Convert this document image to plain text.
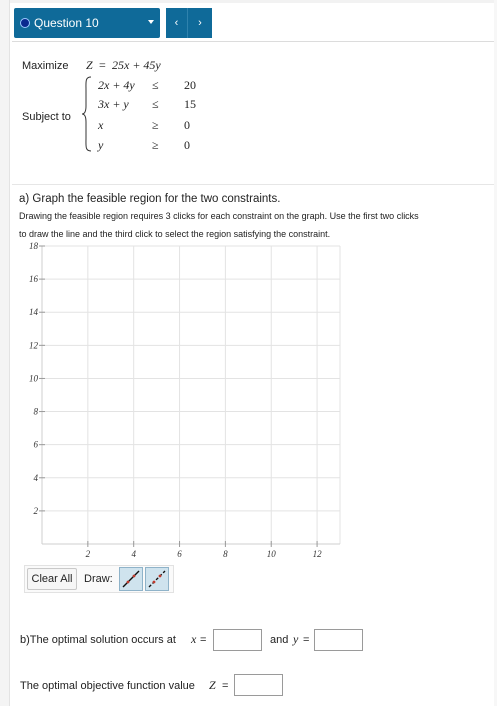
Question 10	‹ ›
Maximize Z = 25x + 45y
Subject to
2x + 4y ≤ 20
3x + y ≤ 15
x	≥ 0
y	≥ 0
a) Graph the feasible region for the two constraints.
Drawing the feasible region requires 3 clicks for each constraint on the graph. Use the first two clicks
to draw the line and the third click to select the region satisfying the constraint.
2	4	6	8	10	12
2
4
6
8
10
12
14
16
18
Clear All	Draw:
b)The optimal solution occurs at x =	and y =
The optimal objective function value Z =
